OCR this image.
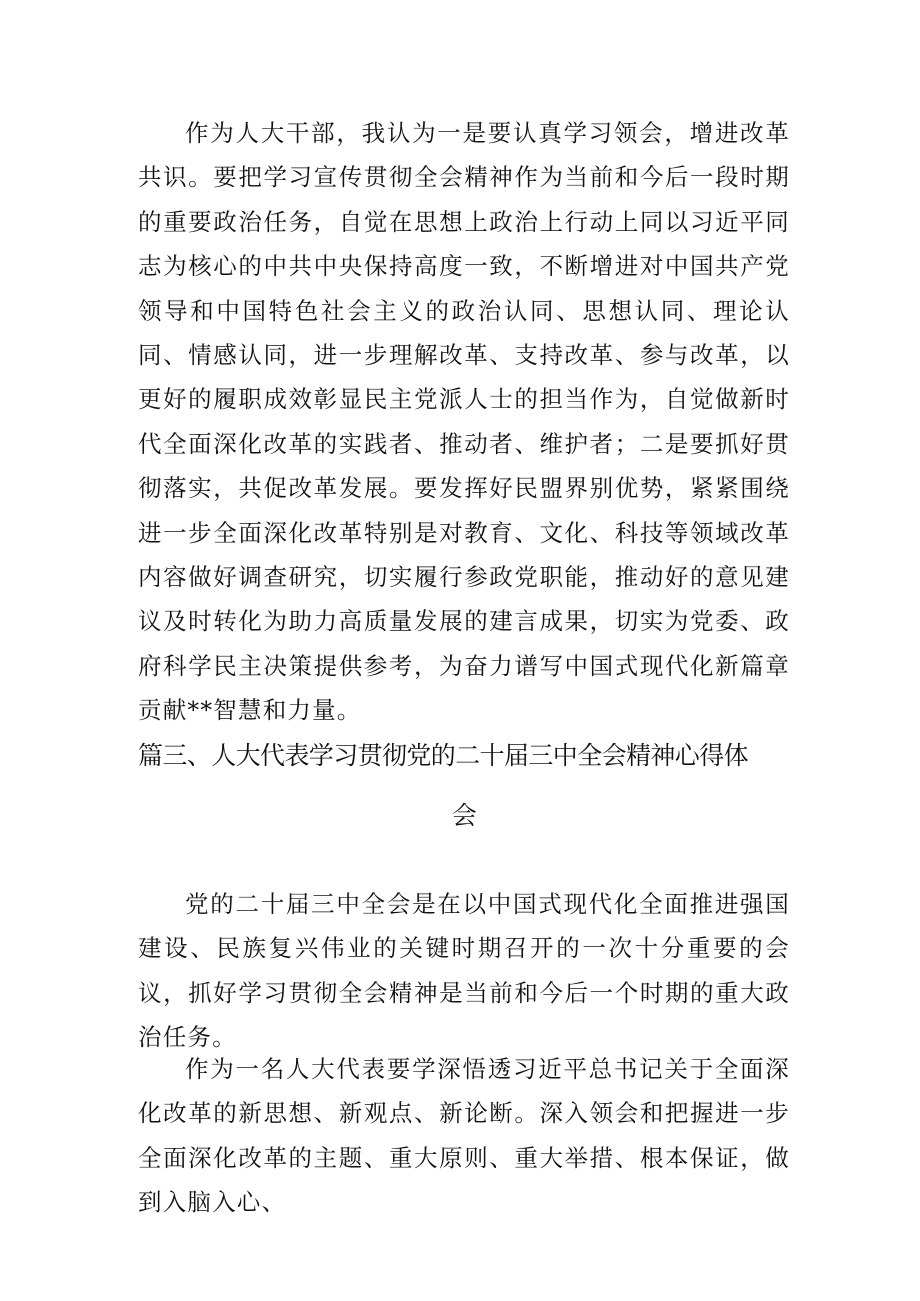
作为人大干部，我认为一是要认真学习领会，增进改革共识。要把学习宣传贯彻全会精神作为当前和今后一段时期的重要政治任务，自觉在思想上政治上行动上同以习近平同志为核心的中共中央保持高度一致，不断增进对中国共产党领导和中国特色社会主义的政治认同、思想认同、理论认同、情感认同，进一步理解改革、支持改革、参与改革，以更好的履职成效彰显民主党派人士的担当作为，自觉做新时代全面深化改革的实践者、推动者、维护者；二是要抓好贯彻落实，共促改革发展。要发挥好民盟界别优势，紧紧围绕进一步全面深化改革特别是对教育、文化、科技等领域改革内容做好调查研究，切实履行参政党职能，推动好的意见建议及时转化为助力高质量发展的建言成果，切实为党委、政府科学民主决策提供参考，为奋力谱写中国式现代化新篇章贡献**智慧和力量。

篇三、人大代表学习贯彻党的二十届三中全会精神心得体
会

党的二十届三中全会是在以中国式现代化全面推进强国建设、民族复兴伟业的关键时期召开的一次十分重要的会议，抓好学习贯彻全会精神是当前和今后一个时期的重大政治任务。

作为一名人大代表要学深悟透习近平总书记关于全面深化改革的新思想、新观点、新论断。深入领会和把握进一步全面深化改革的主题、重大原则、重大举措、根本保证，做到入脑入心、
